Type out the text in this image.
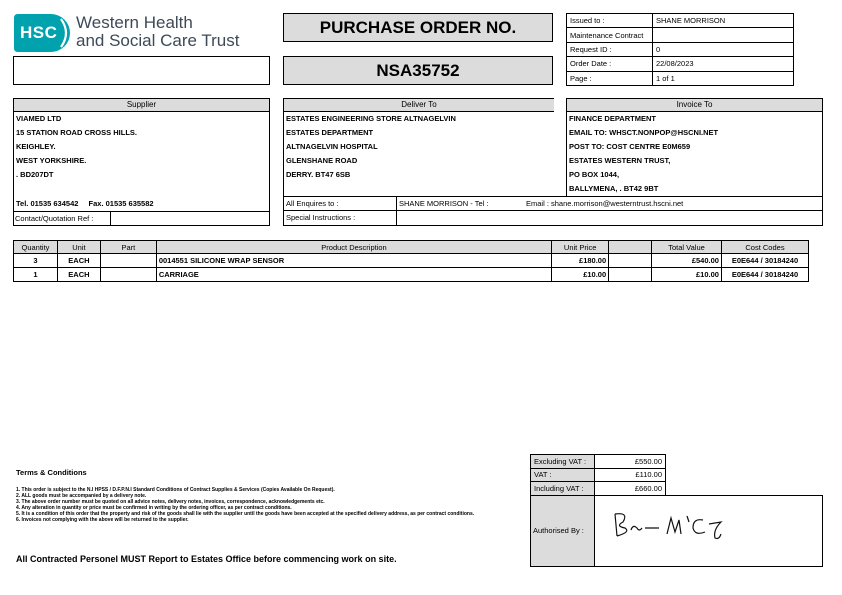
HSC
Western Health
and Social Care Trust
PURCHASE ORDER NO.
NSA35752
Issued to :	SHANE MORRISON
Maintenance Contract	
Request ID :	0
Order Date :	22/08/2023
Page :	1 of 1
Supplier
VIAMED LTD
15 STATION ROAD CROSS HILLS.
KEIGHLEY.
WEST YORKSHIRE.
. BD207DT
Tel. 01535 634542 Fax. 01535 635582
Contact/Quotation Ref :
Deliver To
ESTATES ENGINEERING STORE ALTNAGELVIN
ESTATES DEPARTMENT
ALTNAGELVIN HOSPITAL
GLENSHANE ROAD
DERRY. BT47 6SB
Invoice To
FINANCE DEPARTMENT
EMAIL TO: WHSCT.NONPOP@HSCNI.NET
POST TO: COST CENTRE E0M659
ESTATES WESTERN TRUST,
PO BOX 1044,
BALLYMENA, . BT42 9BT
All Enquires to :	SHANE MORRISON - Tel :	Email : shane.morrison@westerntrust.hscni.net
Special Instructions :
Quantity	Unit	Part	Product Description	Unit Price		Total Value	Cost Codes
3	EACH		0014551 SILICONE WRAP SENSOR	£180.00		£540.00	E0E644 / 30184240
1	EACH		CARRIAGE	£10.00		£10.00	E0E644 / 30184240
Terms & Conditions

1. This order is subject to the N.I HPSS / D.F.P.N.I Standard Conditions of Contract Supplies & Services (Copies Available On Request).

2. ALL goods must be accompanied by a delivery note.

3. The above order number must be quoted on all advice notes, delivery notes, invoices, correspondence, acknowledgements etc.

4. Any alteration in quantity or price must be confirmed in writing by the ordering officer, as per contract conditions.

5. It is a condition of this order that the property and risk of the goods shall lie with the supplier until the goods have been accepted at the specified delivery address, as per contract conditions.

6. Invoices not complying with the above will be returned to the supplier.

All Contracted Personel MUST Report to Estates Office before commencing work on site.
Excluding VAT :	£550.00
VAT :	£110.00
Including VAT :	£660.00
Authorised By :
